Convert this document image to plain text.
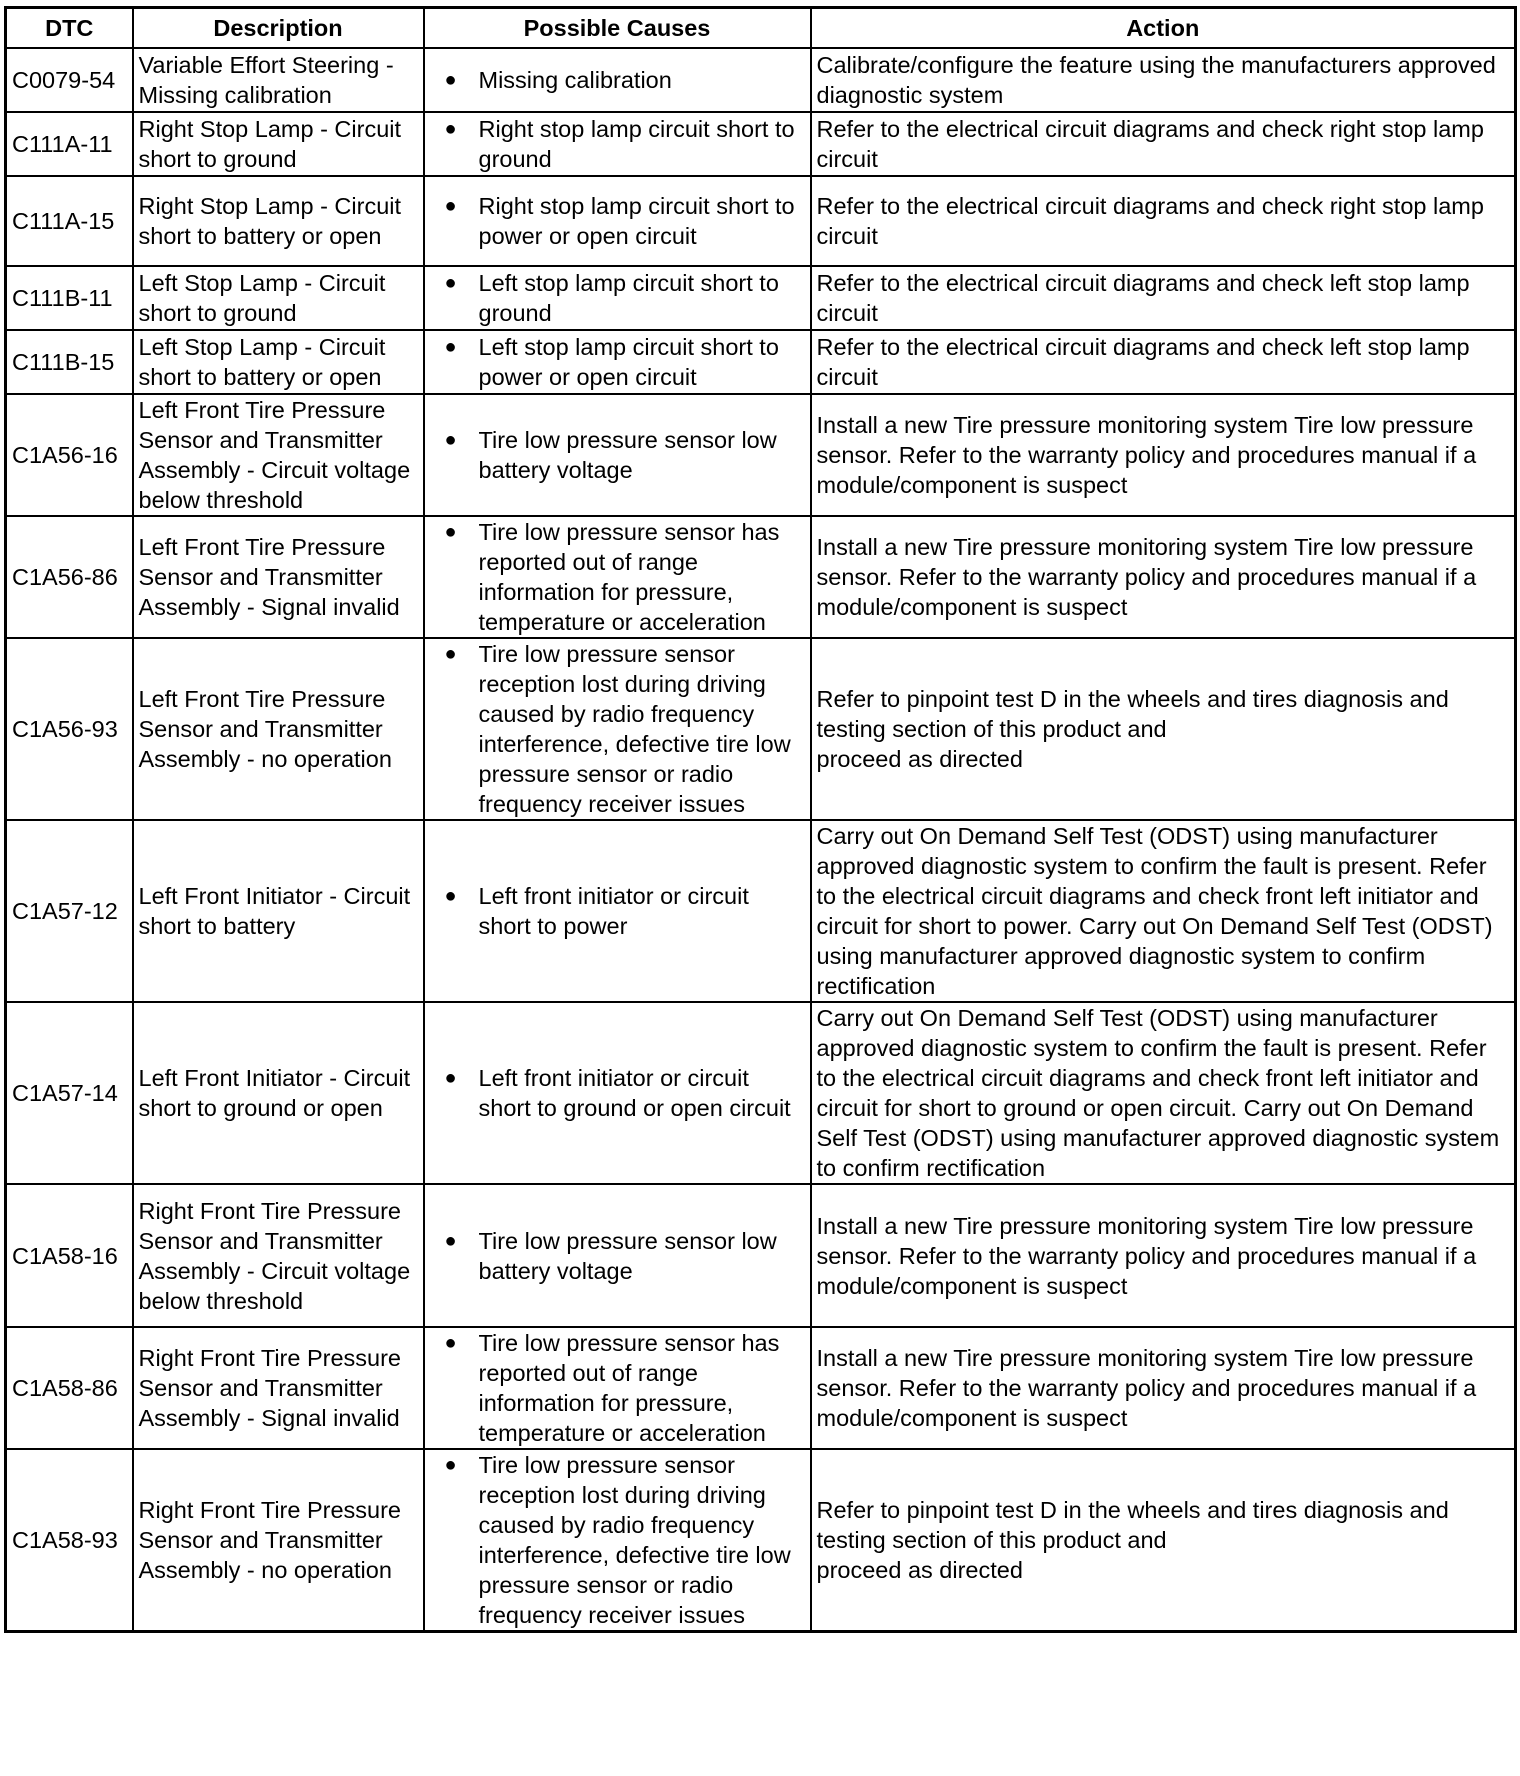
DTC	Description	Possible Causes	Action
C0079-54	Variable Effort Steering - Missing calibration	● Missing calibration	Calibrate/configure the feature using the manufacturers approved diagnostic system
C111A-11	Right Stop Lamp - Circuit short to ground	● Right stop lamp circuit short to ground	Refer to the electrical circuit diagrams and check right stop lamp circuit
C111A-15	Right Stop Lamp - Circuit short to battery or open	● Right stop lamp circuit short to power or open circuit	Refer to the electrical circuit diagrams and check right stop lamp circuit
C111B-11	Left Stop Lamp - Circuit short to ground	● Left stop lamp circuit short to ground	Refer to the electrical circuit diagrams and check left stop lamp circuit
C111B-15	Left Stop Lamp - Circuit short to battery or open	● Left stop lamp circuit short to power or open circuit	Refer to the electrical circuit diagrams and check left stop lamp circuit
C1A56-16	Left Front Tire Pressure Sensor and Transmitter Assembly - Circuit voltage below threshold	● Tire low pressure sensor low battery voltage	Install a new Tire pressure monitoring system Tire low pressure sensor. Refer to the warranty policy and procedures manual if a module/component is suspect
C1A56-86	Left Front Tire Pressure Sensor and Transmitter Assembly - Signal invalid	● Tire low pressure sensor has reported out of range information for pressure, temperature or acceleration	Install a new Tire pressure monitoring system Tire low pressure sensor. Refer to the warranty policy and procedures manual if a module/component is suspect
C1A56-93	Left Front Tire Pressure Sensor and Transmitter Assembly - no operation	● Tire low pressure sensor reception lost during driving caused by radio frequency interference, defective tire low pressure sensor or radio frequency receiver issues	Refer to pinpoint test D in the wheels and tires diagnosis and testing section of this product and
proceed as directed
C1A57-12	Left Front Initiator - Circuit short to battery	● Left front initiator or circuit short to power	Carry out On Demand Self Test (ODST) using manufacturer approved diagnostic system to confirm the fault is present. Refer to the electrical circuit diagrams and check front left initiator and circuit for short to power. Carry out On Demand Self Test (ODST) using manufacturer approved diagnostic system to confirm rectification
C1A57-14	Left Front Initiator - Circuit short to ground or open	● Left front initiator or circuit short to ground or open circuit	Carry out On Demand Self Test (ODST) using manufacturer approved diagnostic system to confirm the fault is present. Refer to the electrical circuit diagrams and check front left initiator and circuit for short to ground or open circuit. Carry out On Demand Self Test (ODST) using manufacturer approved diagnostic system to confirm rectification
C1A58-16	Right Front Tire Pressure Sensor and Transmitter Assembly - Circuit voltage below threshold	● Tire low pressure sensor low battery voltage	Install a new Tire pressure monitoring system Tire low pressure sensor. Refer to the warranty policy and procedures manual if a module/component is suspect
C1A58-86	Right Front Tire Pressure Sensor and Transmitter Assembly - Signal invalid	● Tire low pressure sensor has reported out of range information for pressure, temperature or acceleration	Install a new Tire pressure monitoring system Tire low pressure sensor. Refer to the warranty policy and procedures manual if a module/component is suspect
C1A58-93	Right Front Tire Pressure Sensor and Transmitter Assembly - no operation	● Tire low pressure sensor reception lost during driving caused by radio frequency interference, defective tire low pressure sensor or radio frequency receiver issues	Refer to pinpoint test D in the wheels and tires diagnosis and testing section of this product and
proceed as directed
